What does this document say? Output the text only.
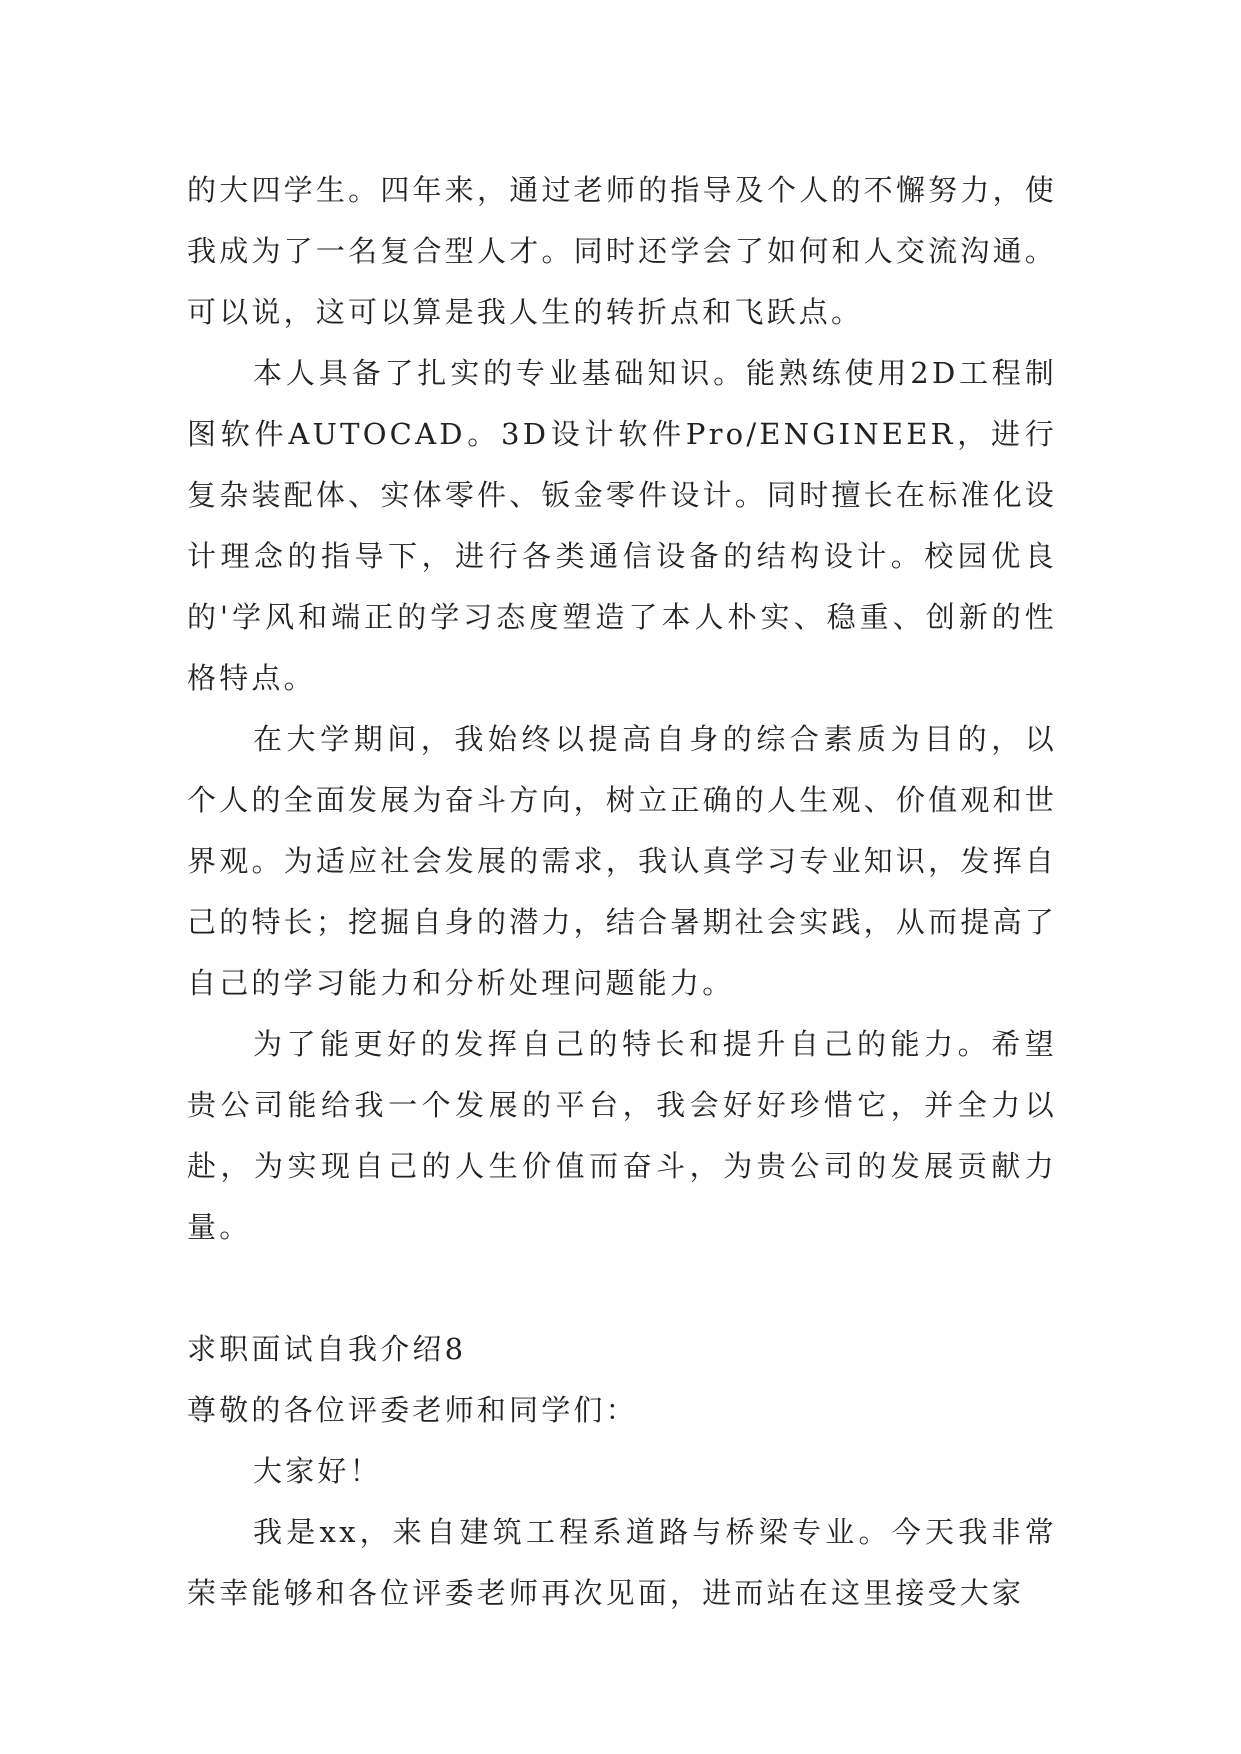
的大四学生。四年来，通过老师的指导及个人的不懈努力，使我成为了一名复合型人才。同时还学会了如何和人交流沟通。可以说，这可以算是我人生的转折点和飞跃点。

本人具备了扎实的专业基础知识。能熟练使用2D工程制图软件AUTOCAD。3D设计软件Pro/ENGINEER，进行复杂装配体、实体零件、钣金零件设计。同时擅长在标准化设计理念的指导下，进行各类通信设备的结构设计。校园优良的'学风和端正的学习态度塑造了本人朴实、稳重、创新的性格特点。

在大学期间，我始终以提高自身的综合素质为目的，以个人的全面发展为奋斗方向，树立正确的人生观、价值观和世界观。为适应社会发展的需求，我认真学习专业知识，发挥自己的特长；挖掘自身的潜力，结合暑期社会实践，从而提高了自己的学习能力和分析处理问题能力。

为了能更好的发挥自己的特长和提升自己的能力。希望贵公司能给我一个发展的平台，我会好好珍惜它，并全力以赴，为实现自己的人生价值而奋斗，为贵公司的发展贡献力量。

求职面试自我介绍8

尊敬的各位评委老师和同学们：

大家好！

我是xx，来自建筑工程系道路与桥梁专业。今天我非常荣幸能够和各位评委老师再次见面，进而站在这里接受大家
